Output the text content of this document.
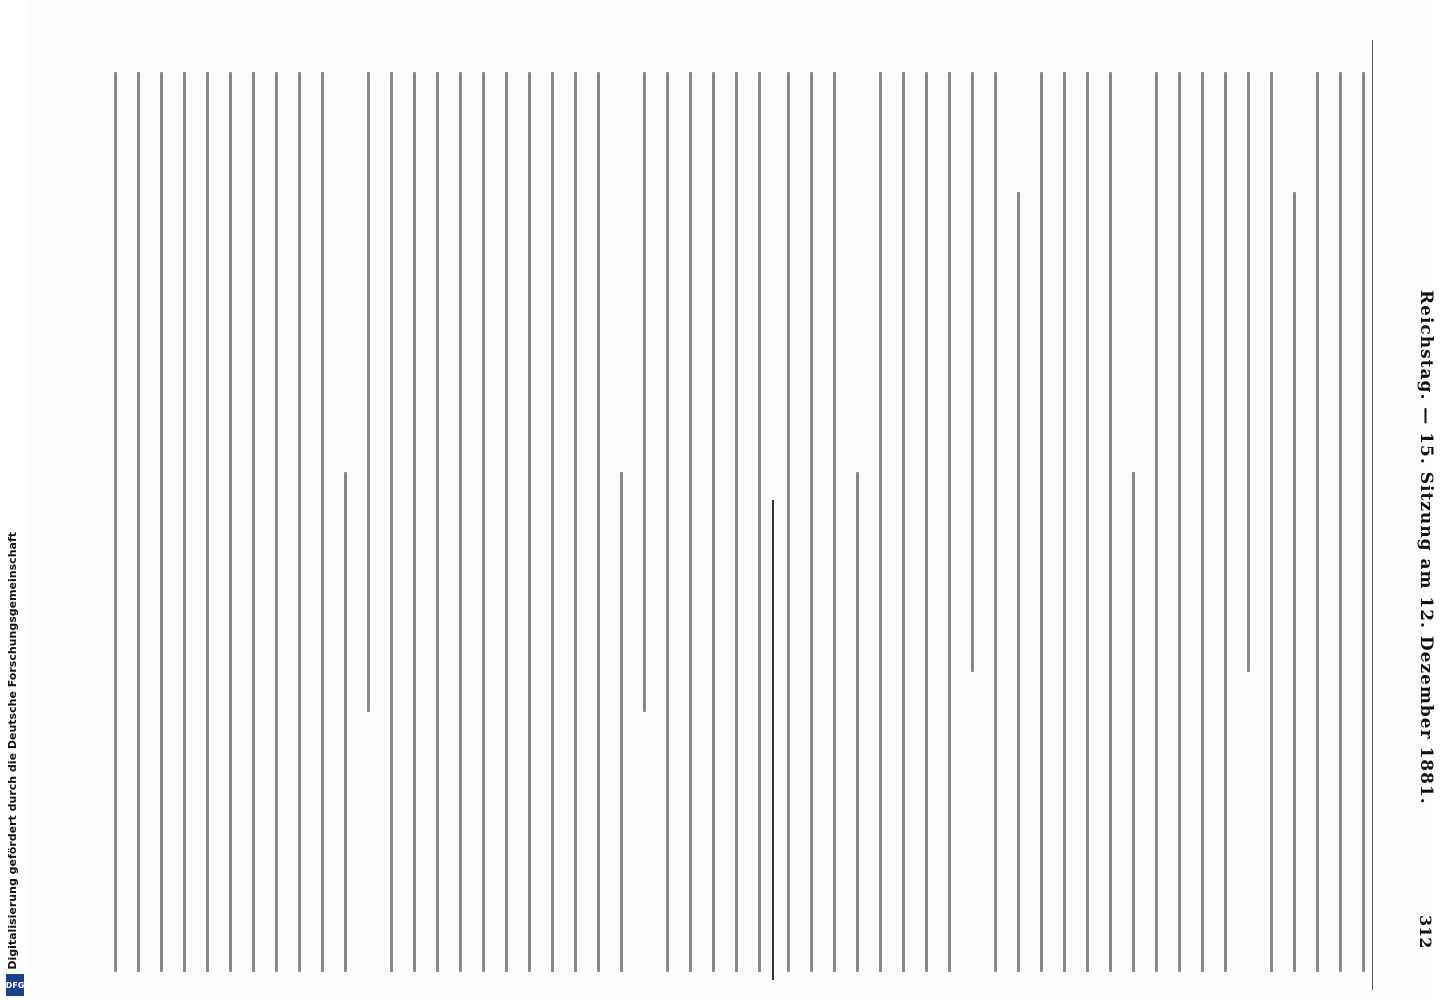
Digitalisierung gefördert durch die Deutsche Forschungsgemeinschaft
DFG
312
Reichstag. — 15. Sitzung am 12. Dezember 1881.
